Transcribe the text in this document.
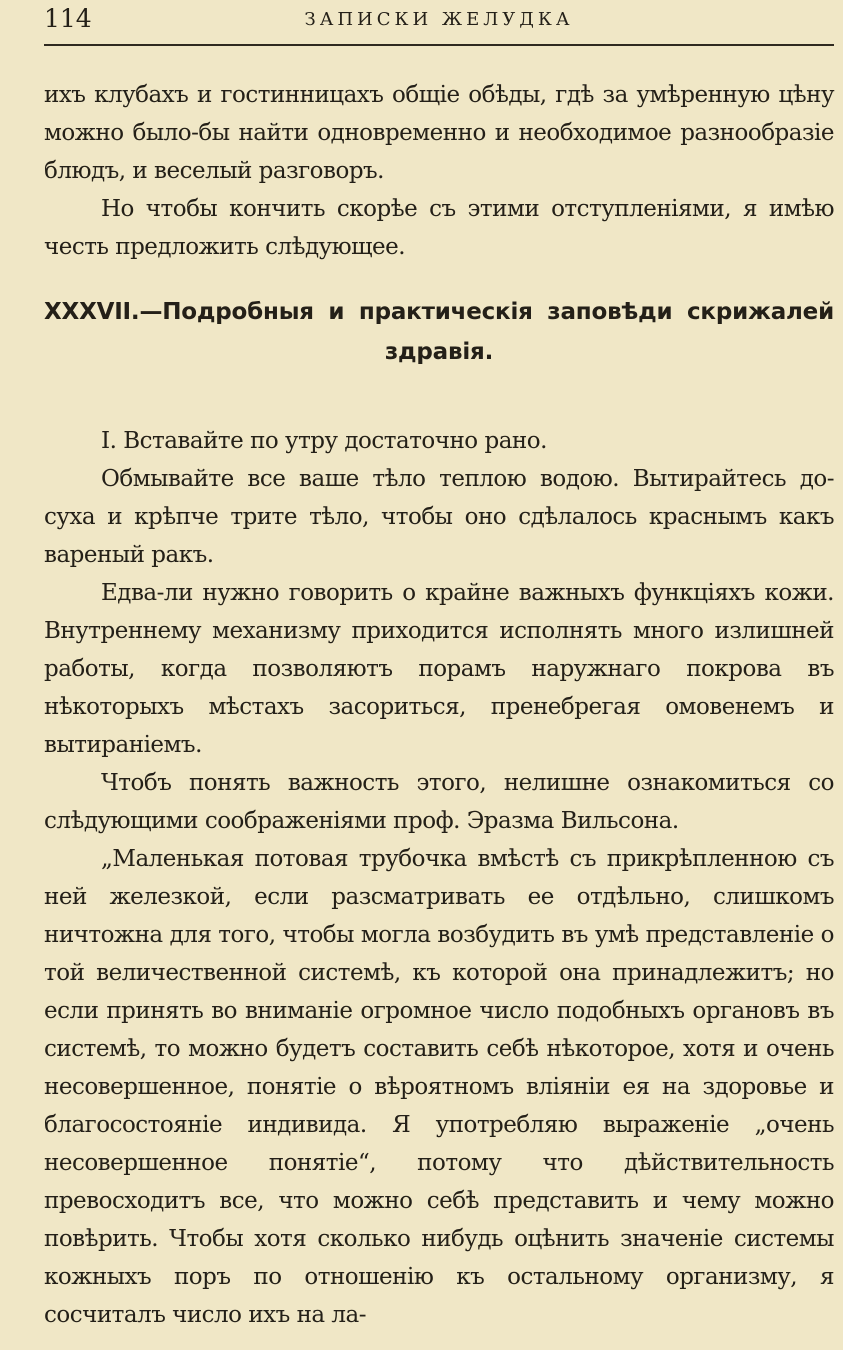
114	ЗАПИСКИ ЖЕЛУДКА

ихъ клубахъ и гостинницахъ общiе обѣды, гдѣ за умѣренную цѣну можно было-бы найти одновременно и необходимое разнообразiе блюдъ, и веселый разговоръ.

Но чтобы кончить скорѣе съ этими отступленiями, я имѣю честь предложить слѣдующее.

XXXVII.—Подробныя и практическiя заповѣди скрижалей здравiя.

I. Вставайте по утру достаточно рано.

Обмывайте все ваше тѣло теплою водою. Вытирайтесь до-суха и крѣпче трите тѣло, чтобы оно сдѣлалось краснымъ какъ вареный ракъ.

Едва-ли нужно говорить о крайне важныхъ функцiяхъ кожи. Внутреннему механизму приходится исполнять много излишней работы, когда позволяютъ порамъ наружнаго покрова въ нѣкоторыхъ мѣстахъ засориться, пренебрегая омовенемъ и вытиранiемъ.

Чтобъ понять важность этого, нелишне ознакомиться со слѣдующими соображенiями проф. Эразма Вильсона.

„Маленькая потовая трубочка вмѣстѣ съ прикрѣпленною съ ней железкой, если разсматривать ее отдѣльно, слишкомъ ничтожна для того, чтобы могла возбудить въ умѣ представленiе о той величественной системѣ, къ которой она принадлежитъ; но если принять во вниманiе огромное число подобныхъ органовъ въ системѣ, то можно будетъ составить себѣ нѣкоторое, хотя и очень несовершенное, понятiе о вѣроятномъ влiянiи ея на здоровье и благосостоянiе индивида. Я употребляю выраженiе „очень несовершенное понятiе“, потому что дѣйствительность превосходитъ все, что можно себѣ представить и чему можно повѣрить. Чтобы хотя сколько нибудь оцѣнить значенiе системы кожныхъ поръ по отношенiю къ остальному организму, я сосчиталъ число ихъ на ла-
